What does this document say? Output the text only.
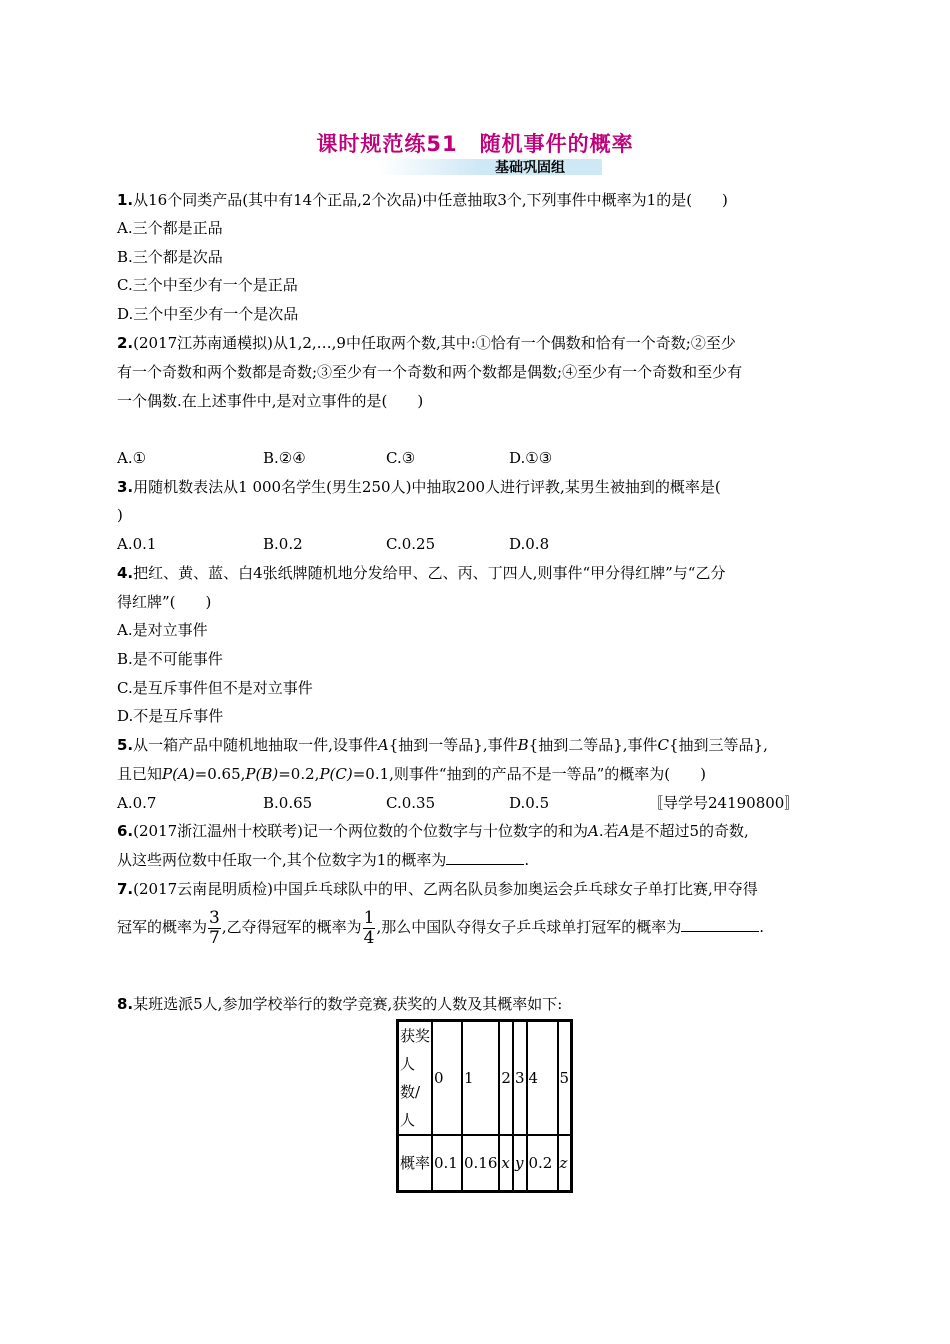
课时规范练51　随机事件的概率
基础巩固组
1.从16个同类产品(其中有14个正品,2个次品)中任意抽取3个,下列事件中概率为1的是(　　)
A.三个都是正品
B.三个都是次品
C.三个中至少有一个是正品
D.三个中至少有一个是次品
2.(2017江苏南通模拟)从1,2,…,9中任取两个数,其中:①恰有一个偶数和恰有一个奇数;②至少
有一个奇数和两个数都是奇数;③至少有一个奇数和两个数都是偶数;④至少有一个奇数和至少有
一个偶数.在上述事件中,是对立事件的是(　　)
A.①	B.②④	C.③	D.①③
3.用随机数表法从1 000名学生(男生250人)中抽取200人进行评教,某男生被抽到的概率是(
)
A.0.1	B.0.2	C.0.25	D.0.8
4.把红、黄、蓝、白4张纸牌随机地分发给甲、乙、丙、丁四人,则事件“甲分得红牌”与“乙分
得红牌”(　　)
A.是对立事件
B.是不可能事件
C.是互斥事件但不是对立事件
D.不是互斥事件
5.从一箱产品中随机地抽取一件,设事件A{抽到一等品},事件B{抽到二等品},事件C{抽到三等品},
且已知P(A)=0.65,P(B)=0.2,P(C)=0.1,则事件“抽到的产品不是一等品”的概率为(　　)
A.0.7	B.0.65	C.0.35	D.0.5	〚导学号24190800〛
6.(2017浙江温州十校联考)记一个两位数的个位数字与十位数字的和为A.若A是不超过5的奇数,
从这些两位数中任取一个,其个位数字为1的概率为	.
7.(2017云南昆明质检)中国乒乓球队中的甲、乙两名队员参加奥运会乒乓球女子单打比赛,甲夺得
冠军的概率为 $\frac{3}{7}$ ,乙夺得冠军的概率为 $\frac{1}{4}$ ,那么中国队夺得女子乒乓球单打冠军的概率为	.
8.某班选派5人,参加学校举行的数学竞赛,获奖的人数及其概率如下:
获奖人数/人	0	1	2	3	4	5
概率	0.1	0.16	x	y	0.2	z
